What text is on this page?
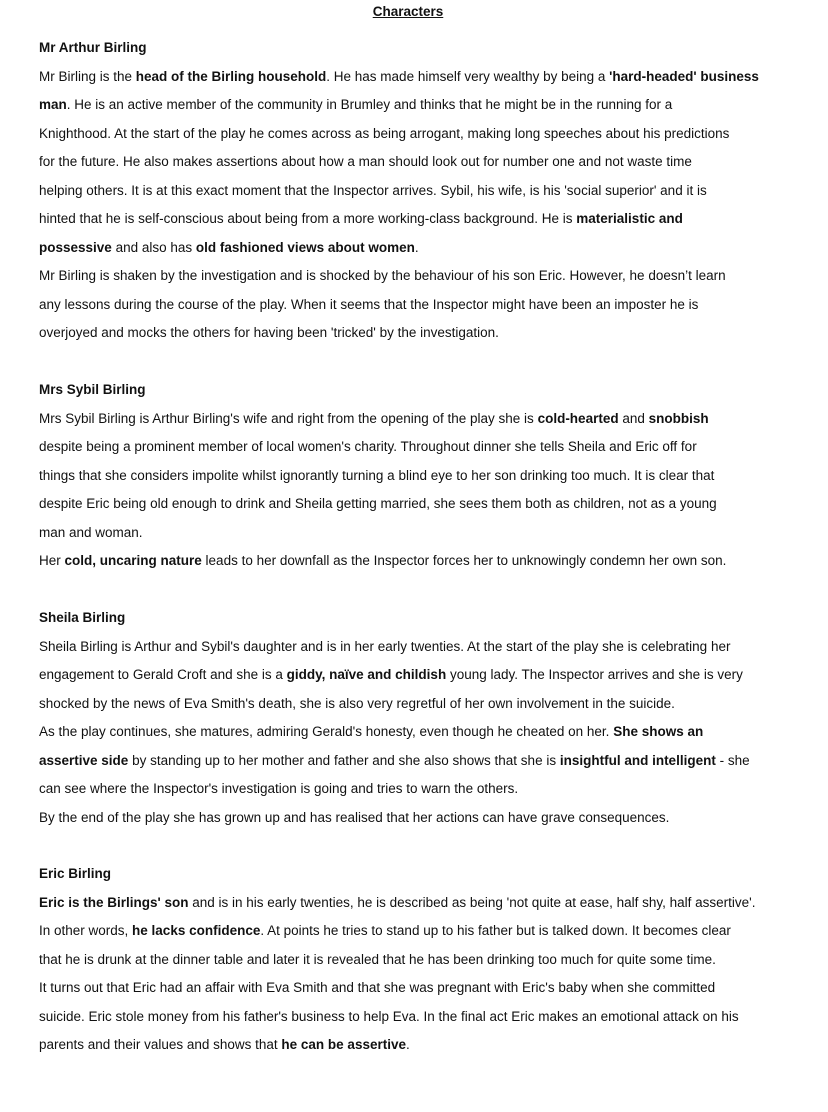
Characters
Mr Arthur Birling
Mr Birling is the head of the Birling household. He has made himself very wealthy by being a 'hard-headed' business
man. He is an active member of the community in Brumley and thinks that he might be in the running for a
Knighthood. At the start of the play he comes across as being arrogant, making long speeches about his predictions
for the future. He also makes assertions about how a man should look out for number one and not waste time
helping others. It is at this exact moment that the Inspector arrives. Sybil, his wife, is his 'social superior' and it is
hinted that he is self-conscious about being from a more working-class background. He is materialistic and
possessive and also has old fashioned views about women.
Mr Birling is shaken by the investigation and is shocked by the behaviour of his son Eric. However, he doesn’t learn
any lessons during the course of the play. When it seems that the Inspector might have been an imposter he is
overjoyed and mocks the others for having been 'tricked' by the investigation.
Mrs Sybil Birling
Mrs Sybil Birling is Arthur Birling's wife and right from the opening of the play she is cold-hearted and snobbish
despite being a prominent member of local women's charity. Throughout dinner she tells Sheila and Eric off for
things that she considers impolite whilst ignorantly turning a blind eye to her son drinking too much. It is clear that
despite Eric being old enough to drink and Sheila getting married, she sees them both as children, not as a young
man and woman.
Her cold, uncaring nature leads to her downfall as the Inspector forces her to unknowingly condemn her own son.
Sheila Birling
Sheila Birling is Arthur and Sybil's daughter and is in her early twenties. At the start of the play she is celebrating her
engagement to Gerald Croft and she is a giddy, naïve and childish young lady. The Inspector arrives and she is very
shocked by the news of Eva Smith's death, she is also very regretful of her own involvement in the suicide.
As the play continues, she matures, admiring Gerald's honesty, even though he cheated on her. She shows an
assertive side by standing up to her mother and father and she also shows that she is insightful and intelligent - she
can see where the Inspector's investigation is going and tries to warn the others.
By the end of the play she has grown up and has realised that her actions can have grave consequences.
Eric Birling
Eric is the Birlings' son and is in his early twenties, he is described as being 'not quite at ease, half shy, half assertive'.
In other words, he lacks confidence. At points he tries to stand up to his father but is talked down. It becomes clear
that he is drunk at the dinner table and later it is revealed that he has been drinking too much for quite some time.
It turns out that Eric had an affair with Eva Smith and that she was pregnant with Eric's baby when she committed
suicide. Eric stole money from his father's business to help Eva. In the final act Eric makes an emotional attack on his
parents and their values and shows that he can be assertive.
